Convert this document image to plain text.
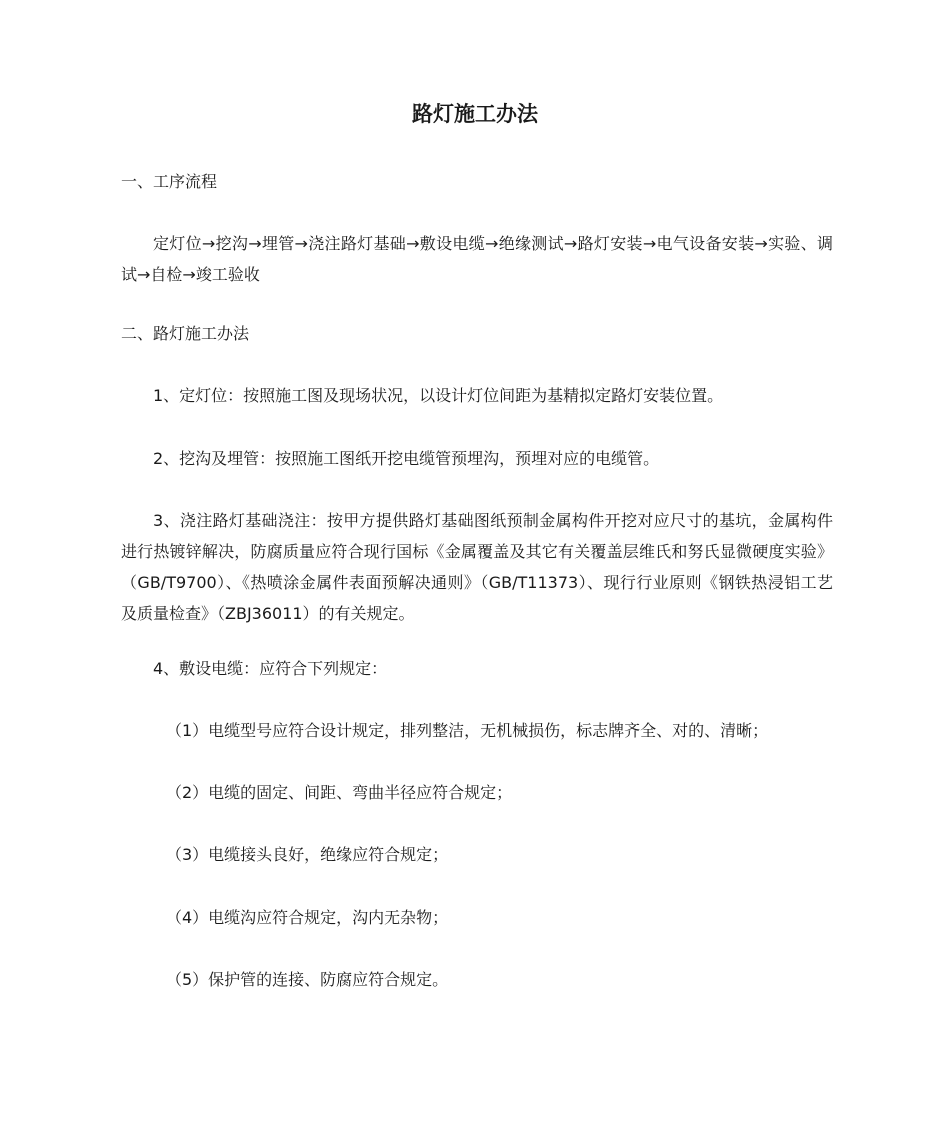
路灯施工办法

一、工序流程

定灯位→挖沟→埋管→浇注路灯基础→敷设电缆→绝缘测试→路灯安装→电气设备安装→实验、调试→自检→竣工验收

二、路灯施工办法

1、定灯位：按照施工图及现场状况，以设计灯位间距为基精拟定路灯安装位置。

2、挖沟及埋管：按照施工图纸开挖电缆管预埋沟，预埋对应的电缆管。

3、浇注路灯基础浇注：按甲方提供路灯基础图纸预制金属构件开挖对应尺寸的基坑，金属构件进行热镀锌解决，防腐质量应符合现行国标《金属覆盖及其它有关覆盖层维氏和努氏显微硬度实验》（GB/T9700）、《热喷涂金属件表面预解决通则》（GB/T11373）、现行行业原则《钢铁热浸铝工艺及质量检查》（ZBJ36011）的有关规定。

4、敷设电缆：应符合下列规定：

（1）电缆型号应符合设计规定，排列整洁，无机械损伤，标志牌齐全、对的、清晰；

（2）电缆的固定、间距、弯曲半径应符合规定；

（3）电缆接头良好，绝缘应符合规定；

（4）电缆沟应符合规定，沟内无杂物；

（5）保护管的连接、防腐应符合规定。
